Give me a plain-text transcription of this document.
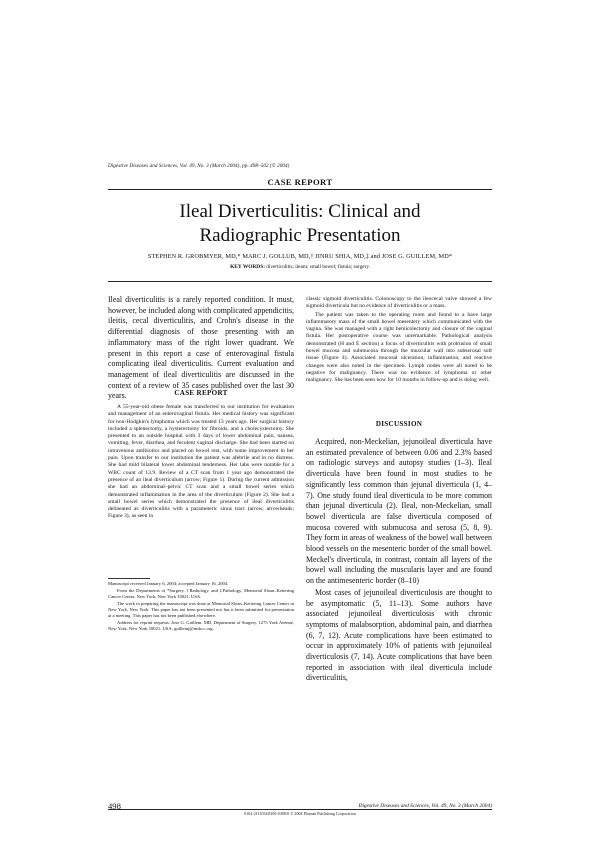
Digestive Diseases and Sciences, Vol. 49, No. 3 (March 2004), pp. 498–502 (© 2004)
CASE REPORT
Ileal Diverticulitis: Clinical and
Radiographic Presentation
STEPHEN R. GROBMYER, MD,* MARC J. GOLLUB, MD,† JINRU SHIA, MD,‡ and JOSE G. GUILLEM, MD*
KEY WORDS: diverticulitis; ileum; small bowel; fistula; surgery.

Ileal diverticulitis is a rarely reported condition. It must, however, be included along with complicated appendicitis, ileitis, cecal diverticulitis, and Crohn's disease in the differential diagnosis of those presenting with an inflammatory mass of the right lower quadrant. We present in this report a case of enterovaginal fistula complicating ileal diverticulitis. Current evaluation and management of ileal diverticulitis are discussed in the context of a review of 35 cases published over the last 30 years.	CASE REPORT

A 55-year-old obese female was transferred to our institution for evaluation and management of an enterovaginal fistula. Her medical history was significant for non-Hodgkin's lymphoma which was treated 13 years ago. Her surgical history included a splenectomy, a hysterectomy for fibroids, and a cholecystectomy. She presented to an outside hospital with 3 days of lower abdominal pain, nausea, vomiting, fever, diarrhea, and feculent vaginal discharge. She had been started on intravenous antibiotics and placed on bowel rest, with some improvement in her pain. Upon transfer to our institution the patient was afebrile and in no distress. She had mild bilateral lower abdominal tenderness. Her labs were notable for a WBC count of 13.9. Review of a CT scan from 1 year ago demonstrated the presence of an ileal diverticulum (arrow; Figure 1). During the current admission she had an abdominal–pelvic CT scan and a small bowel series which demonstrated inflammation in the area of the diverticulum (Figure 2). She had a small bowel series which demonstrated the presence of ileal diverticulitis delineated as diverticulitis with a parameteric sinus tract (arrow, arrowheads; Figure 3), as seen in

Manuscript received January 6, 2004; accepted January 16, 2004.

From the Departments of *Surgery, †Radiology, and ‡Pathology, Memorial Sloan–Kettering Cancer Center, New York, New York 10021, USA.

The work in preparing the manuscript was done at Memorial Sloan–Kettering Cancer Center in New York, New York. This paper has not been presented nor has it been submitted for presentation at a meeting. This paper has not been published elsewhere.

Address for reprint requests: Jose G. Guillem, MD, Department of Surgery, 1275 York Avenue, New York, New York 10021, USA; guillemj@mskcc.org.

classic sigmoid diverticulitis. Colonoscopy to the ileocecal valve showed a few sigmoid diverticula but no evidence of diverticulitis or a mass.

The patient was taken to the operating room and found to a have large inflammatory mass of the small bowel mesentery which communicated with the vagina. She was managed with a right hemicolectomy and closure of the vaginal fistula. Her postoperative course was unremarkable. Pathological analysis demonstrated (H and E section) a focus of diverticulitis with protrusion of small bowel mucosa and submucosa through the muscular wall into subserosal soft tissue (Figure 4). Associated mucosal ulceration, inflammation, and reactive changes were also noted in the specimen. Lymph nodes were all noted to be negative for malignancy. There was no evidence of lymphoma or other malignancy. She has been seen now for 10 months in follow-up and is doing well.

DISCUSSION

Acquired, non-Meckelian, jejunoileal diverticula have an estimated prevalence of between 0.06 and 2.3% based on radiologic surveys and autopsy studies (1–3). Ileal diverticula have been found in most studies to be significantly less common than jejunal diverticula (1, 4–7). One study found ileal diverticula to be more common than jejunal diverticula (2). Ileal, non-Meckelian, small bowel diverticula are false diverticula composed of mucosa covered with submucosa and serosa (5, 8, 9). They form in areas of weakness of the bowel wall between blood vessels on the mesenteric border of the small bowel. Meckel's diverticula, in contrast, contain all layers of the bowel wall including the muscularis layer and are found on the antimesenteric border (8–10)

Most cases of jejunoileal diverticulosis are thought to be asymptomatic (5, 11–13). Some authors have associated jejunoileal diverticulosis with chronic symptoms of malabsorption, abdominal pain, and diarrhea (6, 7, 12). Acute complications have been estimated to occur in approximately 10% of patients with jejunoileal diverticulosis (7, 14). Acute complications that have been reported in association with ileal diverticula include diverticulitis,

498	Digestive Diseases and Sciences, Vol. 49, No. 3 (March 2004)
0163-2116/04/0300-0498/0 © 2004 Plenum Publishing Corporation
